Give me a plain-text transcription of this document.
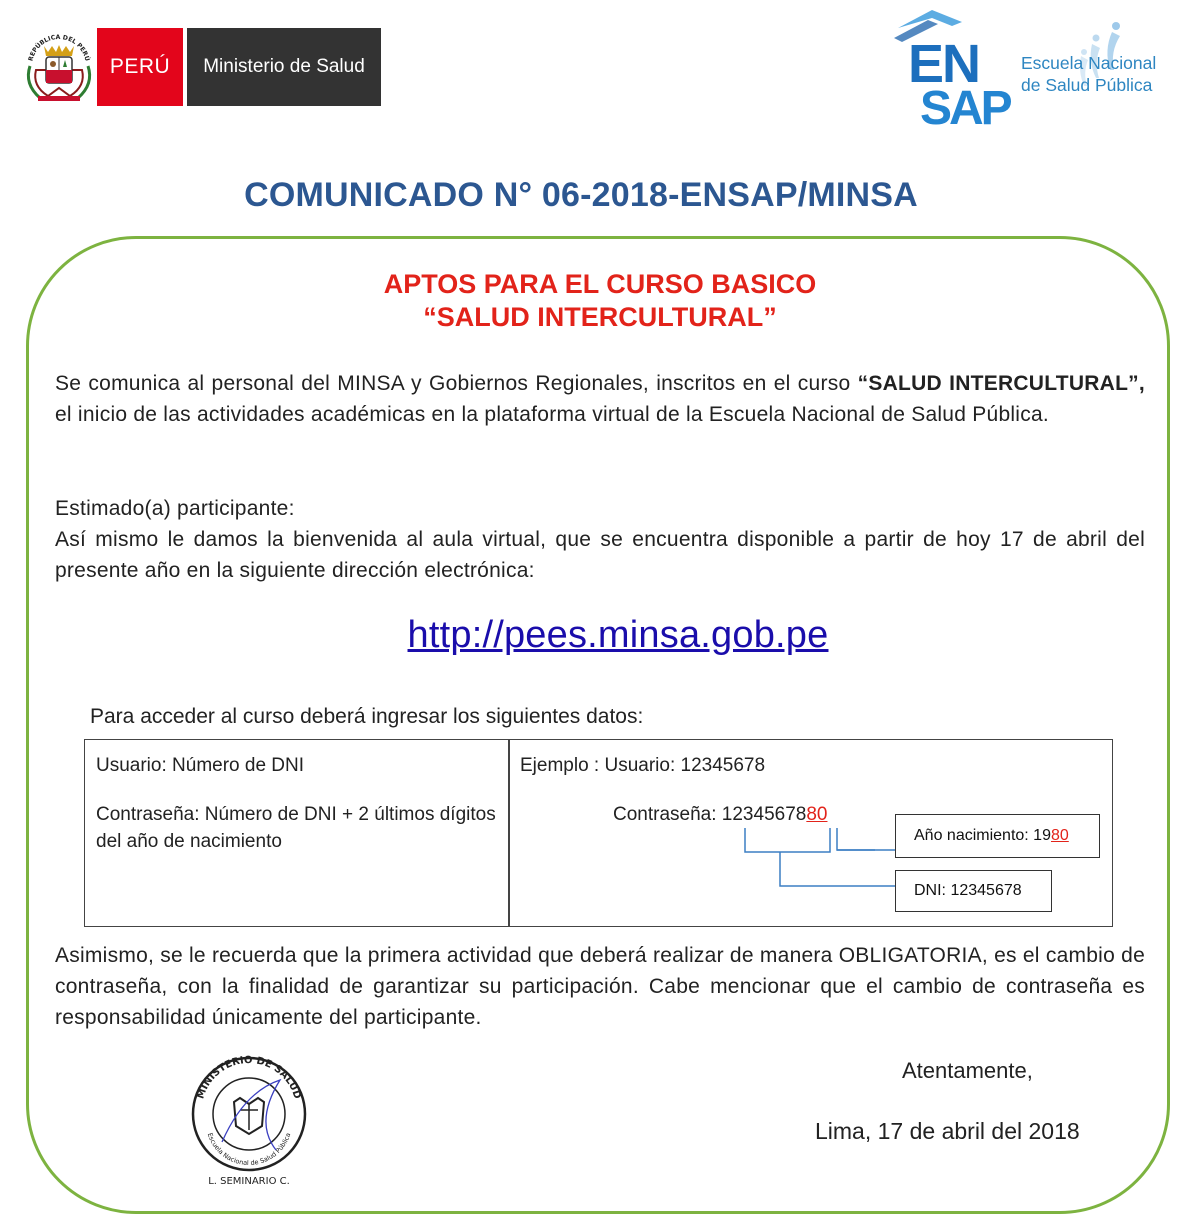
REPÚBLICA DEL PERÚ PERÚ	Ministerio de Salud	EN
SAP
Escuela Nacional
de Salud Pública
COMUNICADO N° 06-2018-ENSAP/MINSA
APTOS PARA EL CURSO BASICO
“SALUD INTERCULTURAL”
Se comunica al personal del MINSA y Gobiernos Regionales, inscritos en el curso “SALUD INTERCULTURAL”, el inicio de las actividades académicas en la plataforma virtual de la Escuela Nacional de Salud Pública.
Estimado(a) participante:
Así mismo le damos la bienvenida al aula virtual, que se encuentra disponible a partir de hoy 17 de abril del presente año en la siguiente dirección electrónica:
http://pees.minsa.gob.pe
Para acceder al curso deberá ingresar los siguientes datos:
Usuario: Número de DNI
Contraseña: Número de DNI + 2 últimos dígitos del año de nacimiento
Ejemplo : Usuario: 12345678
Contraseña: 1234567880
Año nacimiento: 19 80
DNI: 12345678
Asimismo, se le recuerda que la primera actividad que deberá realizar de manera OBLIGATORIA, es el cambio de contraseña, con la finalidad de garantizar su participación. Cabe mencionar que el cambio de contraseña es responsabilidad únicamente del participante.
Atentamente,
Lima, 17 de abril del 2018
MINISTERIO DE SALUD
Escuela Nacional de Salud Pública
L. SEMINARIO C.
